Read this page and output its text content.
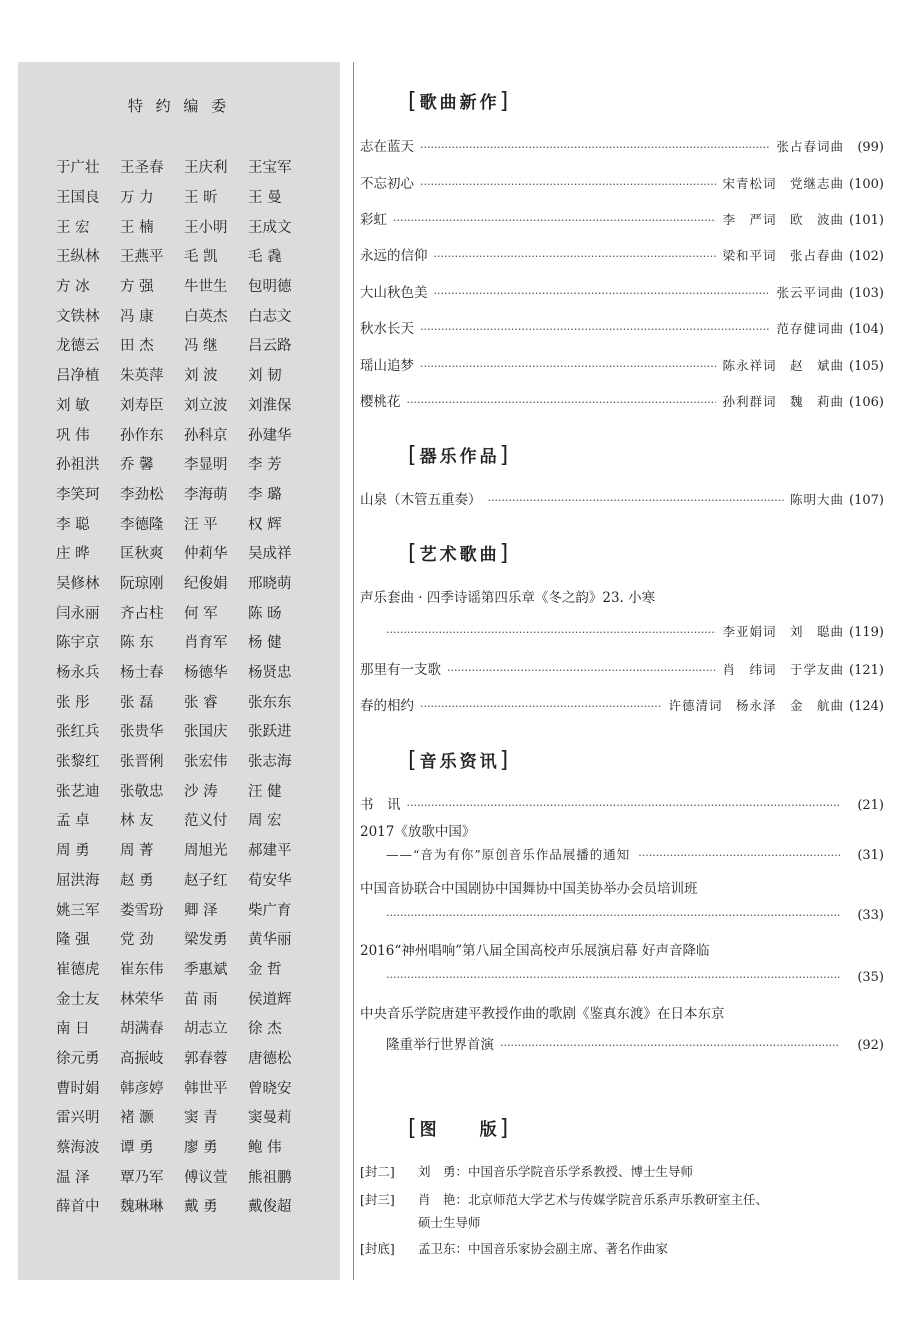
特 约 编 委
于广壮	王圣春	王庆利	王宝军
王国良	万 力	王 昕	王 曼
王 宏	王 楠	王小明	王成文
王纵林	王燕平	毛 凯	毛 毳
方 冰	方 强	牛世生	包明德
文铁林	冯 康	白英杰	白志文
龙德云	田 杰	冯 继	吕云路
吕净植	朱英萍	刘 波	刘 韧
刘 敏	刘寿臣	刘立波	刘淮保
巩 伟	孙作东	孙科京	孙建华
孙祖洪	乔 馨	李显明	李 芳
李笑珂	李劲松	李海萌	李 璐
李 聪	李德隆	汪 平	权 辉
庄 晔	匡秋爽	仲莉华	吴成祥
吴修林	阮琼刚	纪俊娟	邢晓萌
闫永丽	齐占柱	何 军	陈 旸
陈宇京	陈 东	肖育军	杨 健
杨永兵	杨士春	杨德华	杨贤忠
张 彤	张 磊	张 睿	张东东
张红兵	张贵华	张国庆	张跃进
张黎红	张晋俐	张宏伟	张志海
张艺迪	张敬忠	沙 涛	汪 健
孟 卓	林 友	范义付	周 宏
周 勇	周 菁	周旭光	郝建平
屈洪海	赵 勇	赵子红	荀安华
姚三军	娄雪玢	卿 泽	柴广育
隆 强	党 劲	梁发勇	黄华丽
崔德虎	崔东伟	季惠斌	金 哲
金士友	林荣华	苗 雨	侯道辉
南 日	胡满春	胡志立	徐 杰
徐元勇	高振岐	郭春蓉	唐德松
曹时娟	韩彦婷	韩世平	曾晓安
雷兴明	褚 灏	窦 青	窦曼莉
蔡海波	谭 勇	廖 勇	鲍 伟
温 泽	覃乃军	傅议萱	熊祖鹏
薛首中	魏琳琳	戴 勇	戴俊超
[歌曲新作]
志在蓝天 ·····	张占春词曲	(99)
不忘初心 ·····	宋青松词　党继志曲 (100)
彩虹 ·····	李　严词　欧　波曲 (101)
永远的信仰 ·····	梁和平词　张占春曲 (102)
大山秋色美 ·····	张云平词曲 (103)
秋水长天 ·····	范存健词曲 (104)
瑶山追梦 ·····	陈永祥词　赵　斌曲 (105)
樱桃花 ·····	孙利群词　魏　莉曲 (106)
[器乐作品]
山泉（木管五重奏） ·····	陈明大曲 (107)
[艺术歌曲]
声乐套曲 · 四季诗谣第四乐章《冬之韵》23. 小寒
·····
李亚娟词　刘　聪曲 (119)
那里有一支歌 ·····	肖　纬词　于学友曲 (121)
春的相约 ·····	许德清词　杨永泽　金　航曲 (124)
[音乐资讯]
书　讯 ·····	(21)
2017《放歌中国》
——“音为有你”原创音乐作品展播的通知 ·····	(31)
中国音协联合中国剧协中国舞协中国美协举办会员培训班
·····
(33)
2016“神州唱响”第八届全国高校声乐展演启幕 好声音降临
·····
(35)
中央音乐学院唐建平教授作曲的歌剧《鉴真东渡》在日本东京
隆重举行世界首演 ·····	(92)
[图　　版]
[封二]	刘　勇：中国音乐学院音乐学系教授、博士生导师
[封三]	肖　艳：北京师范大学艺术与传媒学院音乐系声乐教研室主任、
硕士生导师
[封底]	孟卫东：中国音乐家协会副主席、著名作曲家
